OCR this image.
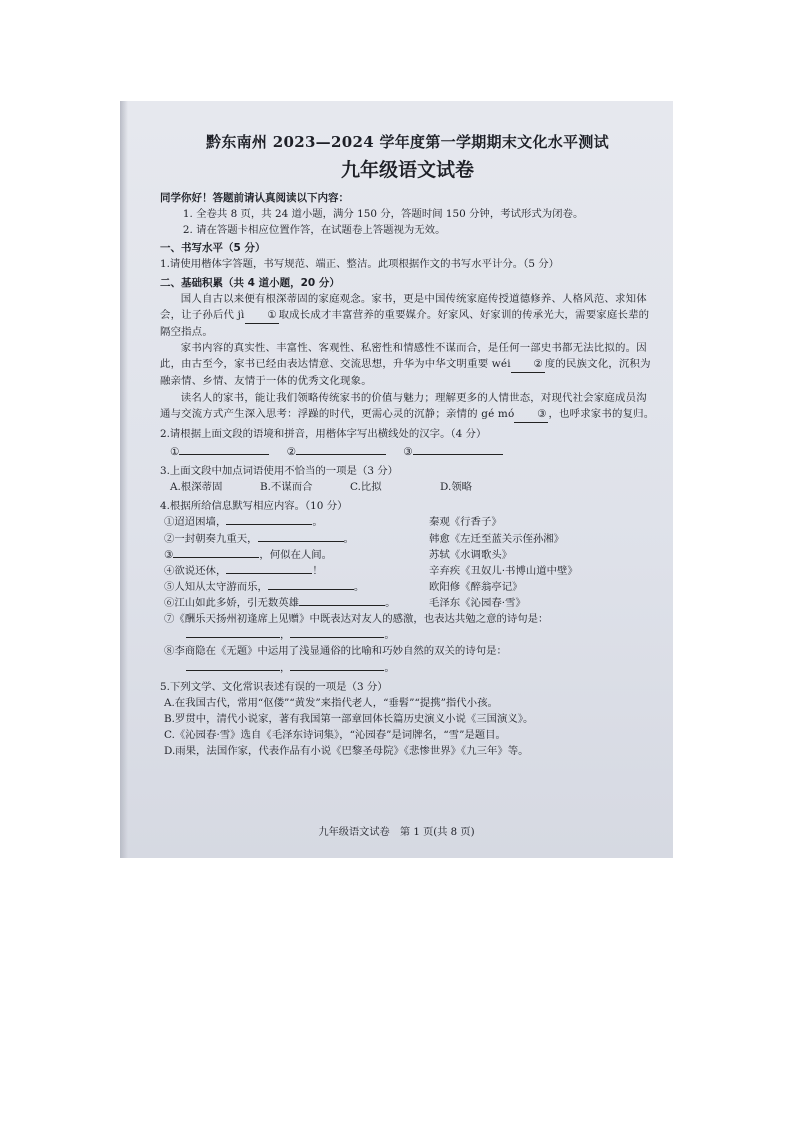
黔东南州 2023—2024 学年度第一学期期末文化水平测试
九年级语文试卷
同学你好！答题前请认真阅读以下内容：
1. 全卷共 8 页，共 24 道小题，满分 150 分，答题时间 150 分钟，考试形式为闭卷。
2. 请在答题卡相应位置作答，在试题卷上答题视为无效。
一、书写水平（5 分）
1.请使用楷体字答题，书写规范、端正、整洁。此项根据作文的书写水平计分。（5 分）
二、基础积累（共 4 道小题，20 分）

国人自古以来便有根深蒂固的家庭观念。家书，更是中国传统家庭传授道德修养、人格风范、求知体会，让子孙后代 jì ① 取成长成才丰富营养的重要媒介。好家风、好家训的传承光大，需要家庭长辈的隔空指点。

家书内容的真实性、丰富性、客观性、私密性和情感性不谋而合，是任何一部史书都无法比拟的。因此，由古至今，家书已经由表达情意、交流思想，升华为中华文明重要 wéi ② 度的民族文化，沉积为融亲情、乡情、友情于一体的优秀文化现象。

读名人的家书，能让我们领略传统家书的价值与魅力；理解更多的人情世态，对现代社会家庭成员沟通与交流方式产生深入思考：浮躁的时代，更需心灵的沉静；亲情的 gé mó ③ ，也呼求家书的复归。

2.请根据上面文段的语境和拼音，用楷体字写出横线处的汉字。（4 分）
①	②	③
3.上面文段中加点词语使用不恰当的一项是（3 分）
A.根深蒂固	B.不谋而合	C.比拟	D.领略
4.根据所给信息默写相应内容。（10 分）
①迢迢困墙，	。	秦观《行香子》
②一封朝奏九重天，	。	韩愈《左迁至蓝关示侄孙湘》
③	，何似在人间。	苏轼《水调歌头》
④欲说还休，	！	辛弃疾《丑奴儿·书博山道中壁》
⑤人知从太守游而乐，	。	欧阳修《醉翁亭记》
⑥江山如此多娇，引无数英雄	。	毛泽东《沁园春·雪》
⑦《酬乐天扬州初逢席上见赠》中既表达对友人的感激，也表达共勉之意的诗句是：
，	。
⑧李商隐在《无题》中运用了浅显通俗的比喻和巧妙自然的双关的诗句是：
，	。
5.下列文学、文化常识表述有误的一项是（3 分）
A.在我国古代，常用“伛偻”“黄发”来指代老人，“垂髫”“提携”指代小孩。
B.罗贯中，清代小说家，著有我国第一部章回体长篇历史演义小说《三国演义》。
C.《沁园春·雪》选自《毛泽东诗词集》，“沁园春”是词牌名，“雪”是题目。
D.雨果，法国作家，代表作品有小说《巴黎圣母院》《悲惨世界》《九三年》等。
九年级语文试卷　第 1 页(共 8 页)
